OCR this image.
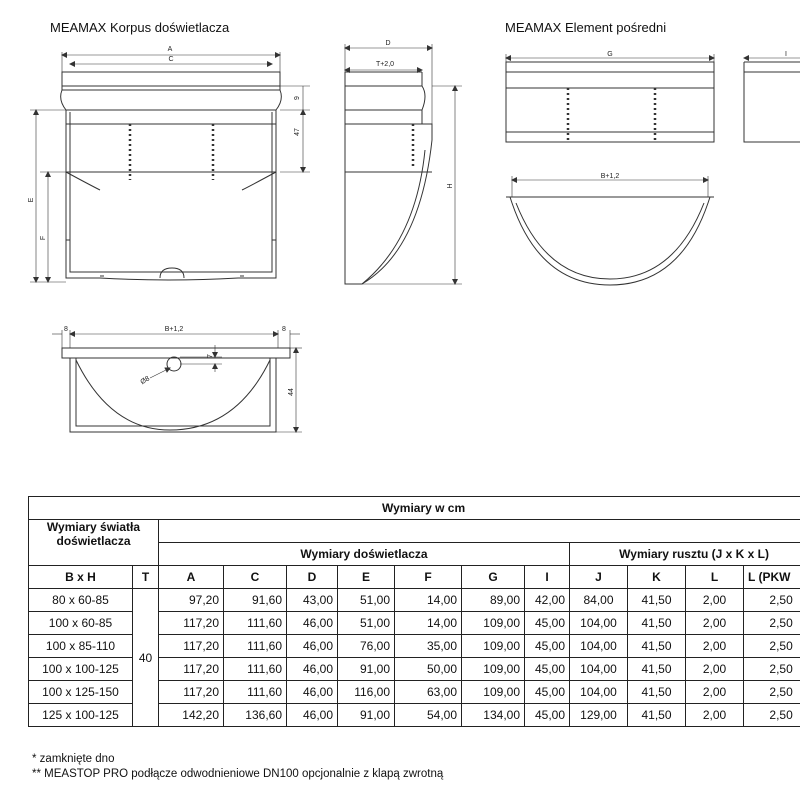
MEAMAX Korpus doświetlacza	MEAMAX Element pośredni
A
C
E
F
9
47
D
T+2,0
H
8	B+1,2	8
7
Ø8
44
G	I
B+1,2
Wymiary w cm												
Wymiary światła doświetlacza												
		Wymiary doświetlacza							Wymiary rusztu (J x K x L)			
B x H	T	A	C	D	E	F	G	I	J	K	L	L (PKW
80 x 60-85	40	97,20	91,60	43,00	51,00	14,00	89,00	42,00	84,00	41,50	2,00	2,50
100 x 60-85		117,20	111,60	46,00	51,00	14,00	109,00	45,00	104,00	41,50	2,00	2,50
100 x 85-110		117,20	111,60	46,00	76,00	35,00	109,00	45,00	104,00	41,50	2,00	2,50
100 x 100-125		117,20	111,60	46,00	91,00	50,00	109,00	45,00	104,00	41,50	2,00	2,50
100 x 125-150		117,20	111,60	46,00	116,00	63,00	109,00	45,00	104,00	41,50	2,00	2,50
125 x 100-125		142,20	136,60	46,00	91,00	54,00	134,00	45,00	129,00	41,50	2,00	2,50
* zamknięte dno
** MEASTOP PRO podłącze odwodnieniowe DN100 opcjonalnie z klapą zwrotną
